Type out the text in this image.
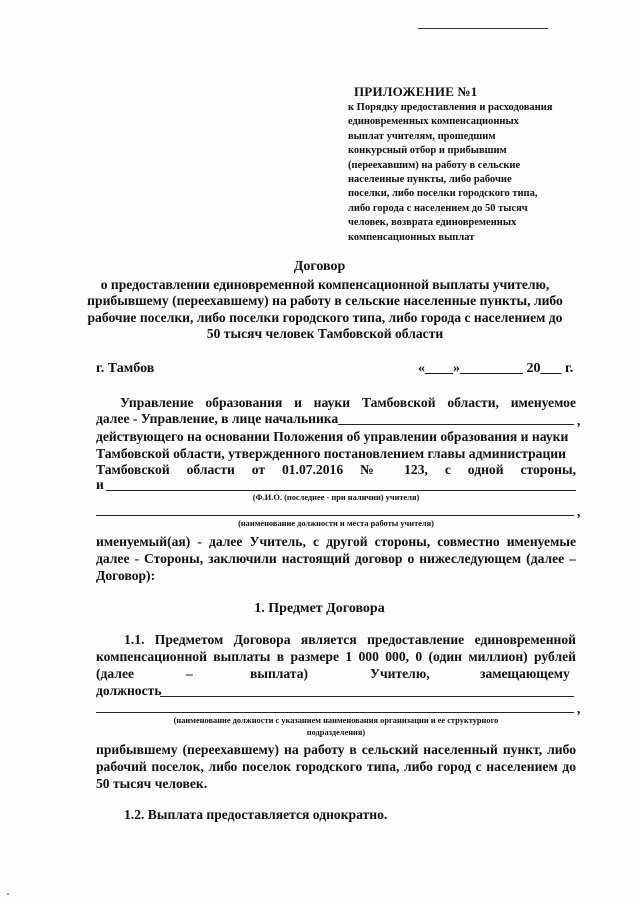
ПРИЛОЖЕНИЕ №1
к Порядку предоставления и расходования
единовременных компенсационных
выплат учителям, прошедшим
конкурсный отбор и прибывшим
(переехавшим) на работу в сельские
населенные пункты, либо рабочие
поселки, либо поселки городского типа,
либо города с населением до 50 тысяч
человек, возврата единовременных
компенсационных выплат
Договор
о предоставлении единовременной компенсационной выплаты учителю,
прибывшему (переехавшему) на работу в сельские населенные пункты, либо
рабочие поселки, либо поселки городского типа, либо города с населением до
50 тысяч человек Тамбовской области
г. Тамбов	«____»_________ 20___ г.
Управление образования и науки Тамбовской области, именуемое
далее - Управление, в лице начальника	,
действующего на основании Положения об управлении образования и науки
Тамбовской области, утвержденного постановлением главы администрации
Тамбовской области от 01.07.2016 № 123, с одной стороны,
и
(Ф.И.О. (последнее - при наличии) учителя)
,
(наименование должности и места работы учителя)
именуемый(ая) - далее Учитель, с другой стороны, совместно именуемые
далее - Стороны, заключили настоящий договор о нижеследующем (далее –
Договор):
1. Предмет Договора
1.1. Предметом Договора является предоставление единовременной
компенсационной выплаты в размере 1 000 000, 0 (один миллион) рублей
(далее	–	выплата)	Учителю,	замещающему
должность
,
(наименование должности с указанием наименования организации и ее структурного
подразделения)
прибывшему (переехавшему) на работу в сельский населенный пункт, либо
рабочий поселок, либо поселок городского типа, либо город с населением до
50 тысяч человек.
1.2. Выплата предоставляется однократно.
